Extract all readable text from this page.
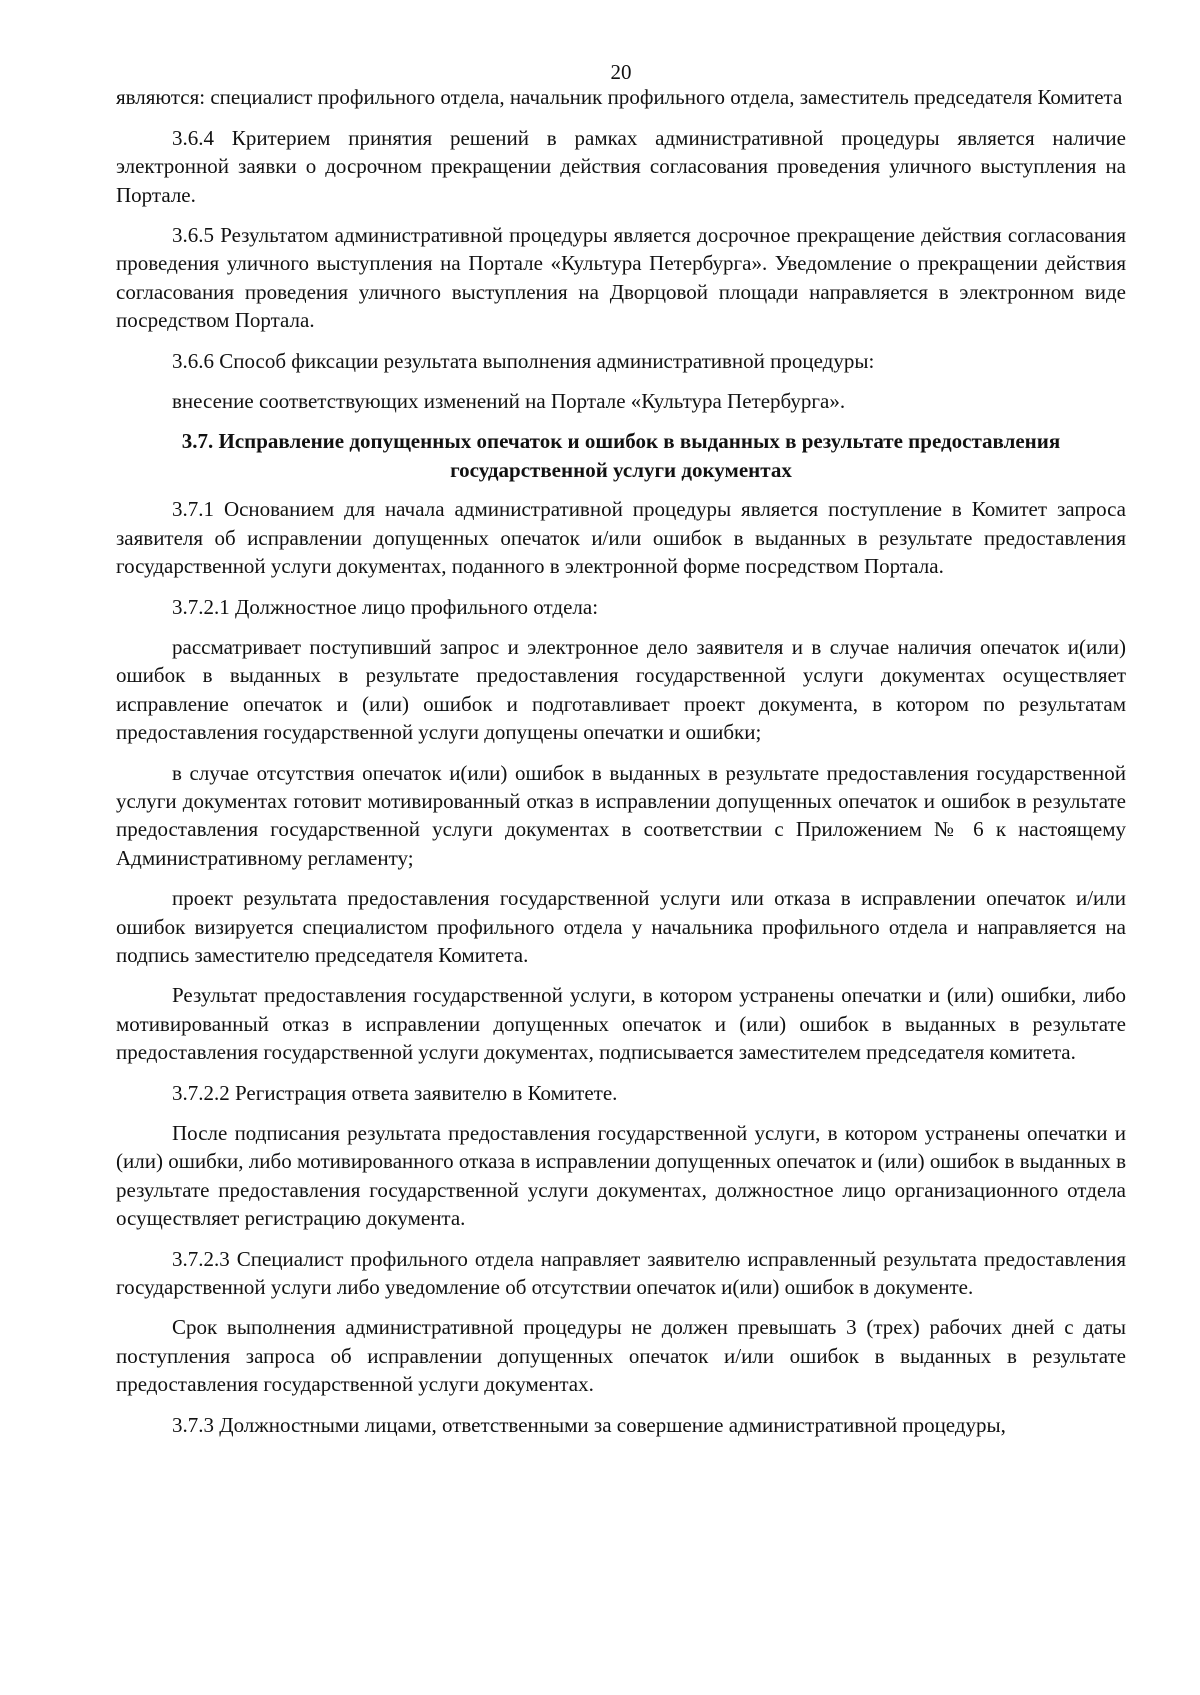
20

являются: специалист профильного отдела, начальник профильного отдела, заместитель председателя Комитета

3.6.4 Критерием принятия решений в рамках административной процедуры является наличие электронной заявки о досрочном прекращении действия согласования проведения уличного выступления на Портале.

3.6.5 Результатом административной процедуры является досрочное прекращение действия согласования проведения уличного выступления на Портале «Культура Петербурга». Уведомление о прекращении действия согласования проведения уличного выступления на Дворцовой площади направляется в электронном виде посредством Портала.

3.6.6 Способ фиксации результата выполнения административной процедуры:

внесение соответствующих изменений на Портале «Культура Петербурга».

3.7. Исправление допущенных опечаток и ошибок в выданных в результате предоставления государственной услуги документах

3.7.1 Основанием для начала административной процедуры является поступление в Комитет запроса заявителя об исправлении допущенных опечаток и/или ошибок в выданных в результате предоставления государственной услуги документах, поданного в электронной форме посредством Портала.

3.7.2.1 Должностное лицо профильного отдела:

рассматривает поступивший запрос и электронное дело заявителя и в случае наличия опечаток и(или) ошибок в выданных в результате предоставления государственной услуги документах осуществляет исправление опечаток и (или) ошибок и подготавливает проект документа, в котором по результатам предоставления государственной услуги допущены опечатки и ошибки;

в случае отсутствия опечаток и(или) ошибок в выданных в результате предоставления государственной услуги документах готовит мотивированный отказ в исправлении допущенных опечаток и ошибок в результате предоставления государственной услуги документах в соответствии с Приложением № 6 к настоящему Административному регламенту;

проект результата предоставления государственной услуги или отказа в исправлении опечаток и/или ошибок визируется специалистом профильного отдела у начальника профильного отдела и направляется на подпись заместителю председателя Комитета.

Результат предоставления государственной услуги, в котором устранены опечатки и (или) ошибки, либо мотивированный отказ в исправлении допущенных опечаток и (или) ошибок в выданных в результате предоставления государственной услуги документах, подписывается заместителем председателя комитета.

3.7.2.2 Регистрация ответа заявителю в Комитете.

После подписания результата предоставления государственной услуги, в котором устранены опечатки и (или) ошибки, либо мотивированного отказа в исправлении допущенных опечаток и (или) ошибок в выданных в результате предоставления государственной услуги документах, должностное лицо организационного отдела осуществляет регистрацию документа.

3.7.2.3 Специалист профильного отдела направляет заявителю исправленный результата предоставления государственной услуги либо уведомление об отсутствии опечаток и(или) ошибок в документе.

Срок выполнения административной процедуры не должен превышать 3 (трех) рабочих дней с даты поступления запроса об исправлении допущенных опечаток и/или ошибок в выданных в результате предоставления государственной услуги документах.

3.7.3 Должностными лицами, ответственными за совершение административной процедуры,
